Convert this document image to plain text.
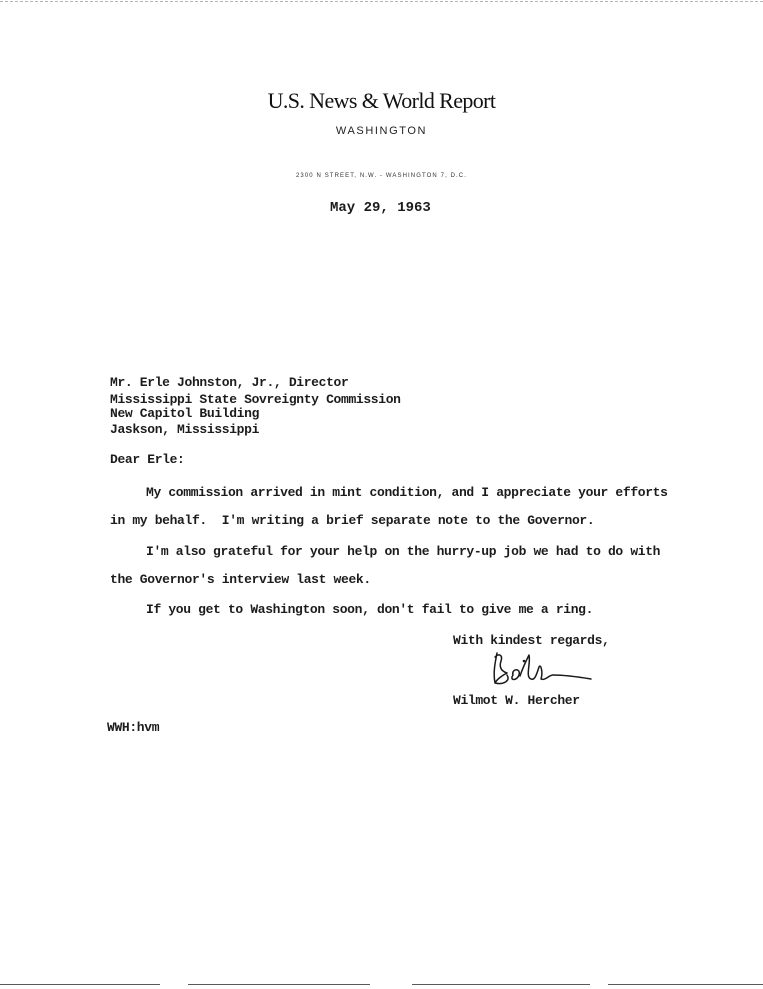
U.S. News & World Report
WASHINGTON
2300 N STREET, N.W. - WASHINGTON 7, D.C.
May 29, 1963
Mr. Erle Johnston, Jr., Director
Mississippi State Sovreignty Commission
New Capitol Building
Jaskson, Mississippi
Dear Erle:
My commission arrived in mint condition, and I appreciate your efforts
in my behalf.  I'm writing a brief separate note to the Governor.
I'm also grateful for your help on the hurry-up job we had to do with
the Governor's interview last week.
If you get to Washington soon, don't fail to give me a ring.
With kindest regards,
Wilmot W. Hercher
WWH:hvm
